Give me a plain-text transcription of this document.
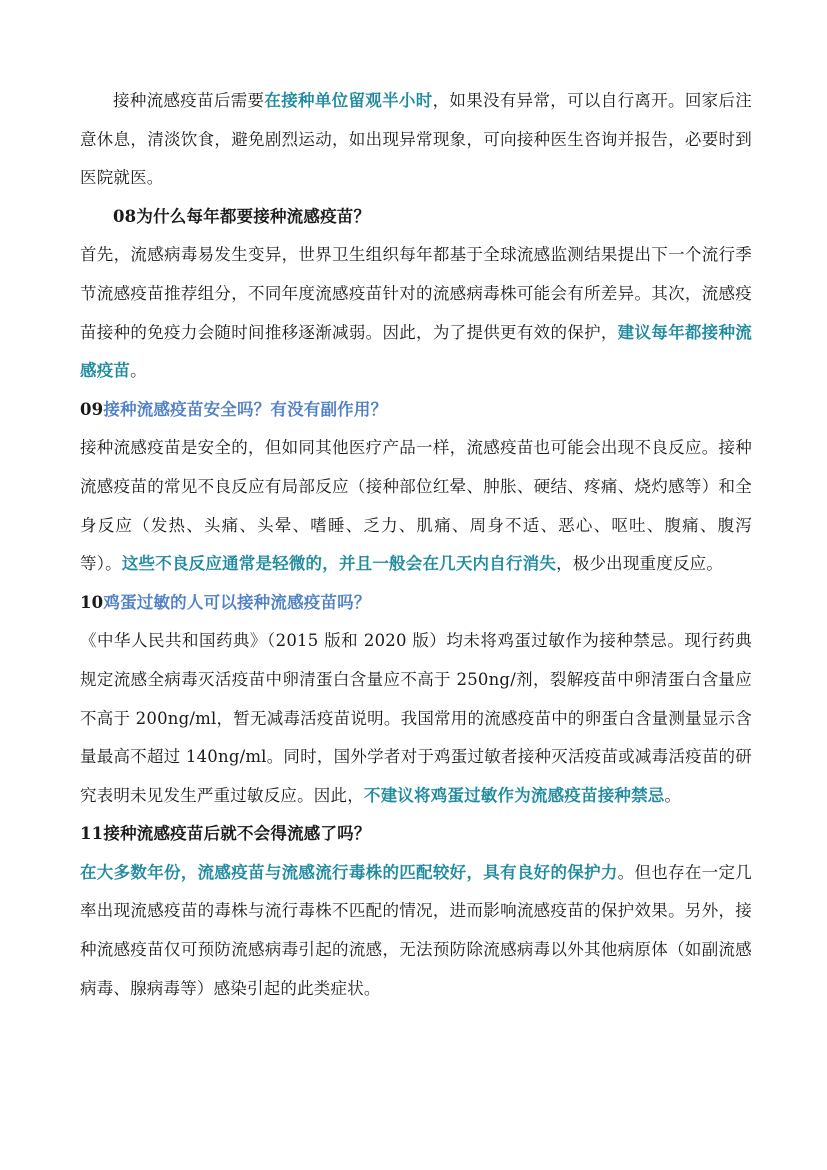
接种流感疫苗后需要在接种单位留观半小时，如果没有异常，可以自行离开。回家后注意休息，清淡饮食，避免剧烈运动，如出现异常现象，可向接种医生咨询并报告，必要时到医院就医。

08为什么每年都要接种流感疫苗？

首先，流感病毒易发生变异，世界卫生组织每年都基于全球流感监测结果提出下一个流行季节流感疫苗推荐组分，不同年度流感疫苗针对的流感病毒株可能会有所差异。其次，流感疫苗接种的免疫力会随时间推移逐渐减弱。因此，为了提供更有效的保护，建议每年都接种流感疫苗。

09接种流感疫苗安全吗？有没有副作用？

接种流感疫苗是安全的，但如同其他医疗产品一样，流感疫苗也可能会出现不良反应。接种流感疫苗的常见不良反应有局部反应（接种部位红晕、肿胀、硬结、疼痛、烧灼感等）和全身反应（发热、头痛、头晕、嗜睡、乏力、肌痛、周身不适、恶心、呕吐、腹痛、腹泻等）。这些不良反应通常是轻微的，并且一般会在几天内自行消失，极少出现重度反应。

10鸡蛋过敏的人可以接种流感疫苗吗？

《中华人民共和国药典》（2015 版和 2020 版）均未将鸡蛋过敏作为接种禁忌。现行药典规定流感全病毒灭活疫苗中卵清蛋白含量应不高于 250ng/剂，裂解疫苗中卵清蛋白含量应不高于 200ng/ml，暂无减毒活疫苗说明。我国常用的流感疫苗中的卵蛋白含量测量显示含量最高不超过 140ng/ml。同时，国外学者对于鸡蛋过敏者接种灭活疫苗或减毒活疫苗的研究表明未见发生严重过敏反应。因此，不建议将鸡蛋过敏作为流感疫苗接种禁忌。

11接种流感疫苗后就不会得流感了吗？

在大多数年份，流感疫苗与流感流行毒株的匹配较好，具有良好的保护力。但也存在一定几率出现流感疫苗的毒株与流行毒株不匹配的情况，进而影响流感疫苗的保护效果。另外，接种流感疫苗仅可预防流感病毒引起的流感，无法预防除流感病毒以外其他病原体（如副流感病毒、腺病毒等）感染引起的此类症状。
